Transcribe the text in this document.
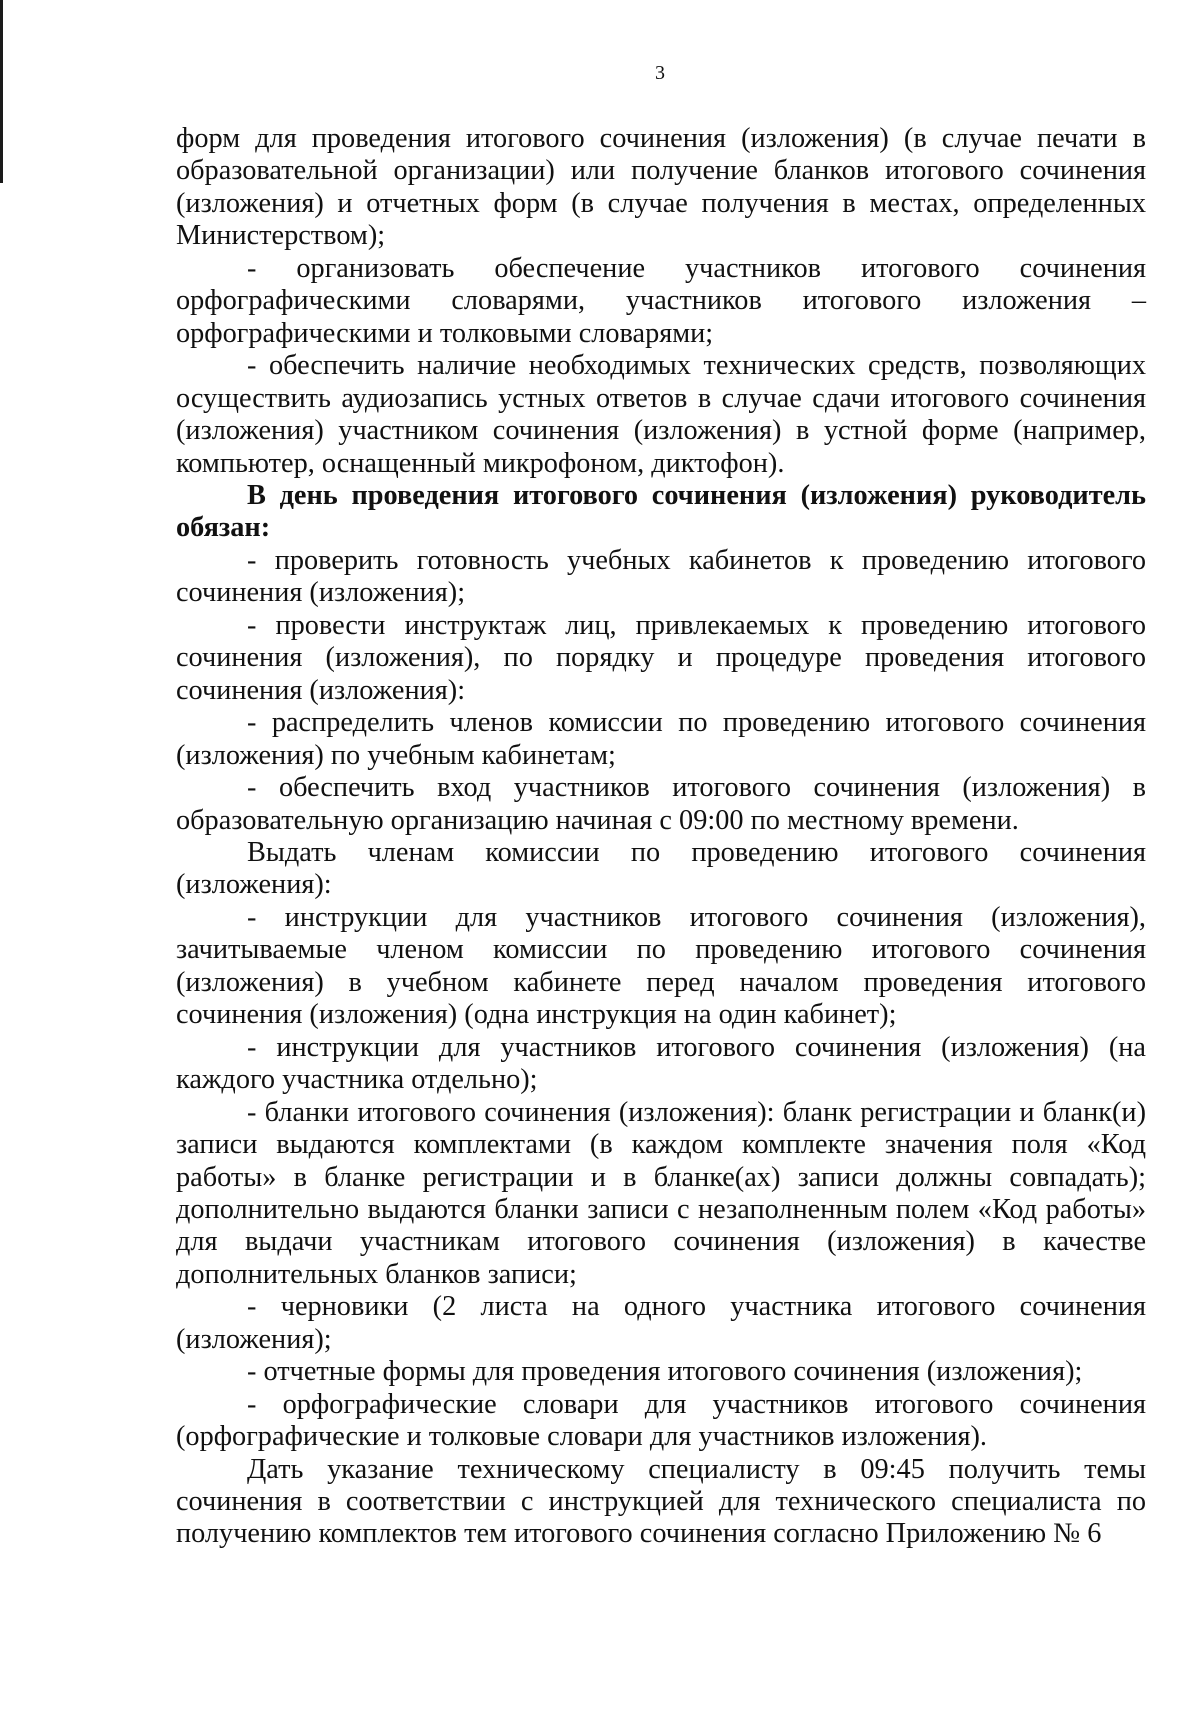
3

форм для проведения итогового сочинения (изложения) (в случае печати в образовательной организации) или получение бланков итогового сочинения (изложения) и отчетных форм (в случае получения в местах, определенных Министерством);

- организовать обеспечение участников итогового сочинения орфографическими словарями, участников итогового изложения – орфографическими и толковыми словарями;

- обеспечить наличие необходимых технических средств, позволяющих осуществить аудиозапись устных ответов в случае сдачи итогового сочинения (изложения) участником сочинения (изложения) в устной форме (например, компьютер, оснащенный микрофоном, диктофон).

В день проведения итогового сочинения (изложения) руководитель обязан:

- проверить готовность учебных кабинетов к проведению итогового сочинения (изложения);

- провести инструктаж лиц, привлекаемых к проведению итогового сочинения (изложения), по порядку и процедуре проведения итогового сочинения (изложения):

- распределить членов комиссии по проведению итогового сочинения (изложения) по учебным кабинетам;

- обеспечить вход участников итогового сочинения (изложения) в образовательную организацию начиная с 09:00 по местному времени.

Выдать членам комиссии по проведению итогового сочинения (изложения):

- инструкции для участников итогового сочинения (изложения), зачитываемые членом комиссии по проведению итогового сочинения (изложения) в учебном кабинете перед началом проведения итогового сочинения (изложения) (одна инструкция на один кабинет);

- инструкции для участников итогового сочинения (изложения) (на каждого участника отдельно);

- бланки итогового сочинения (изложения): бланк регистрации и бланк(и) записи выдаются комплектами (в каждом комплекте значения поля «Код работы» в бланке регистрации и в бланке(ах) записи должны совпадать); дополнительно выдаются бланки записи с незаполненным полем «Код работы» для выдачи участникам итогового сочинения (изложения) в качестве дополнительных бланков записи;

- черновики (2 листа на одного участника итогового сочинения (изложения);

- отчетные формы для проведения итогового сочинения (изложения);

- орфографические словари для участников итогового сочинения (орфографические и толковые словари для участников изложения).

Дать указание техническому специалисту в 09:45 получить темы сочинения в соответствии с инструкцией для технического специалиста по получению комплектов тем итогового сочинения согласно Приложению № 6
